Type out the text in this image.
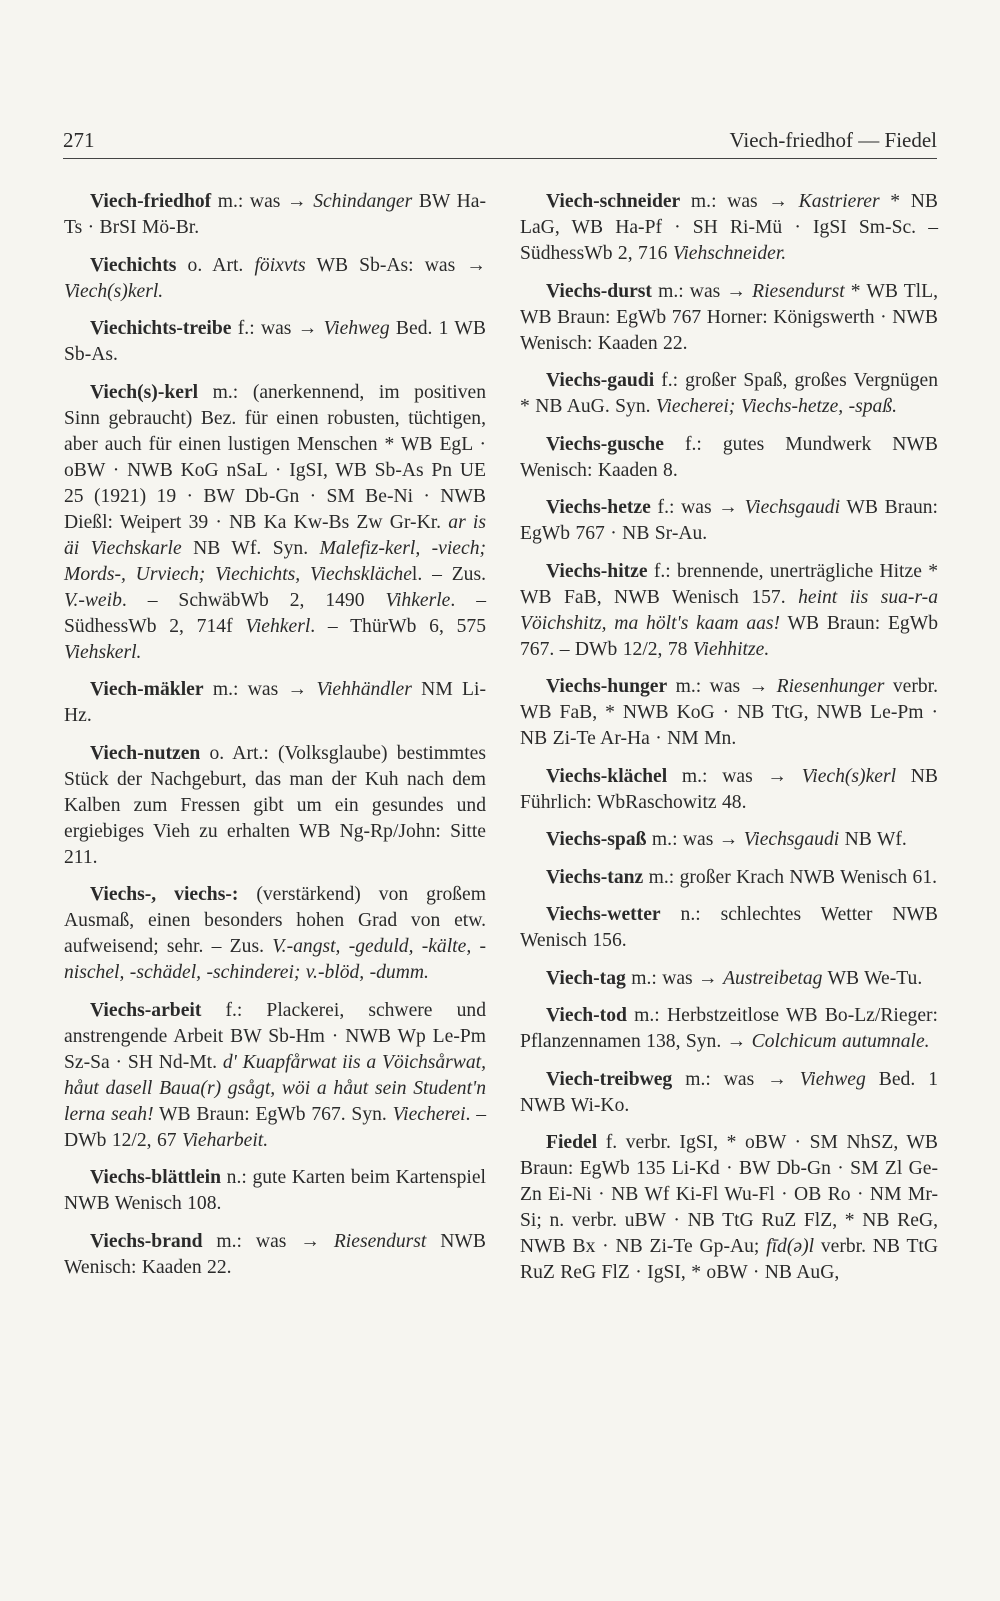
271	Viech-friedhof — Fiedel

Viech-friedhof m.: was → Schindanger BW Ha-Ts · BrSI Mö-Br.

Viechichts o. Art. föixvts WB Sb-As: was → Viech(s)kerl.

Viechichts-treibe f.: was → Viehweg Bed. 1 WB Sb-As.

Viech(s)-kerl m.: (anerkennend, im positiven Sinn gebraucht) Bez. für einen robusten, tüchtigen, aber auch für einen lustigen Menschen * WB EgL · oBW · NWB KoG nSaL · IgSI, WB Sb-As Pn UE 25 (1921) 19 · BW Db-Gn · SM Be-Ni · NWB Dießl: Weipert 39 · NB Ka Kw-Bs Zw Gr-Kr. ar is äi Viechskarle NB Wf. Syn. Malefiz-kerl, -viech; Mords-, Urviech; Viechichts, Viechsklächel. – Zus. V.-weib. – SchwäbWb 2, 1490 Vihkerle. – SüdhessWb 2, 714f Viehkerl. – ThürWb 6, 575 Viehskerl.

Viech-mäkler m.: was → Viehhändler NM Li-Hz.

Viech-nutzen o. Art.: (Volksglaube) bestimmtes Stück der Nachgeburt, das man der Kuh nach dem Kalben zum Fressen gibt um ein gesundes und ergiebiges Vieh zu erhalten WB Ng-Rp/John: Sitte 211.

Viechs-, viechs-: (verstärkend) von großem Ausmaß, einen besonders hohen Grad von etw. aufweisend; sehr. – Zus. V.-angst, -geduld, -kälte, -nischel, -schädel, -schinderei; v.-blöd, -dumm.

Viechs-arbeit f.: Plackerei, schwere und anstrengende Arbeit BW Sb-Hm · NWB Wp Le-Pm Sz-Sa · SH Nd-Mt. d' Kuapfårwat iis a Vöichsårwat, håut dasell Baua(r) gsågt, wöi a håut sein Student'n lerna seah! WB Braun: EgWb 767. Syn. Viecherei. – DWb 12/2, 67 Vieharbeit.

Viechs-blättlein n.: gute Karten beim Kartenspiel NWB Wenisch 108.

Viechs-brand m.: was → Riesendurst NWB Wenisch: Kaaden 22.

Viech-schneider m.: was → Kastrierer * NB LaG, WB Ha-Pf · SH Ri-Mü · IgSI Sm-Sc. – SüdhessWb 2, 716 Viehschneider.

Viechs-durst m.: was → Riesendurst * WB TlL, WB Braun: EgWb 767 Horner: Königswerth · NWB Wenisch: Kaaden 22.

Viechs-gaudi f.: großer Spaß, großes Vergnügen * NB AuG. Syn. Viecherei; Viechs-hetze, -spaß.

Viechs-gusche f.: gutes Mundwerk NWB Wenisch: Kaaden 8.

Viechs-hetze f.: was → Viechsgaudi WB Braun: EgWb 767 · NB Sr-Au.

Viechs-hitze f.: brennende, unerträgliche Hitze * WB FaB, NWB Wenisch 157. heint iis sua-r-a Vöichshitz, ma hölt's kaam aas! WB Braun: EgWb 767. – DWb 12/2, 78 Viehhitze.

Viechs-hunger m.: was → Riesenhunger verbr. WB FaB, * NWB KoG · NB TtG, NWB Le-Pm · NB Zi-Te Ar-Ha · NM Mn.

Viechs-klächel m.: was → Viech(s)kerl NB Führlich: WbRaschowitz 48.

Viechs-spaß m.: was → Viechsgaudi NB Wf.

Viechs-tanz m.: großer Krach NWB Wenisch 61.

Viechs-wetter n.: schlechtes Wetter NWB Wenisch 156.

Viech-tag m.: was → Austreibetag WB We-Tu.

Viech-tod m.: Herbstzeitlose WB Bo-Lz/Rieger: Pflanzennamen 138, Syn. → Colchicum autumnale.

Viech-treibweg m.: was → Viehweg Bed. 1 NWB Wi-Ko.

Fiedel f. verbr. IgSI, * oBW · SM NhSZ, WB Braun: EgWb 135 Li-Kd · BW Db-Gn · SM Zl Ge-Zn Ei-Ni · NB Wf Ki-Fl Wu-Fl · OB Ro · NM Mr-Si; n. verbr. uBW · NB TtG RuZ FlZ, * NB ReG, NWB Bx · NB Zi-Te Gp-Au; fīd(ə)l verbr. NB TtG RuZ ReG FlZ · IgSI, * oBW · NB AuG,
